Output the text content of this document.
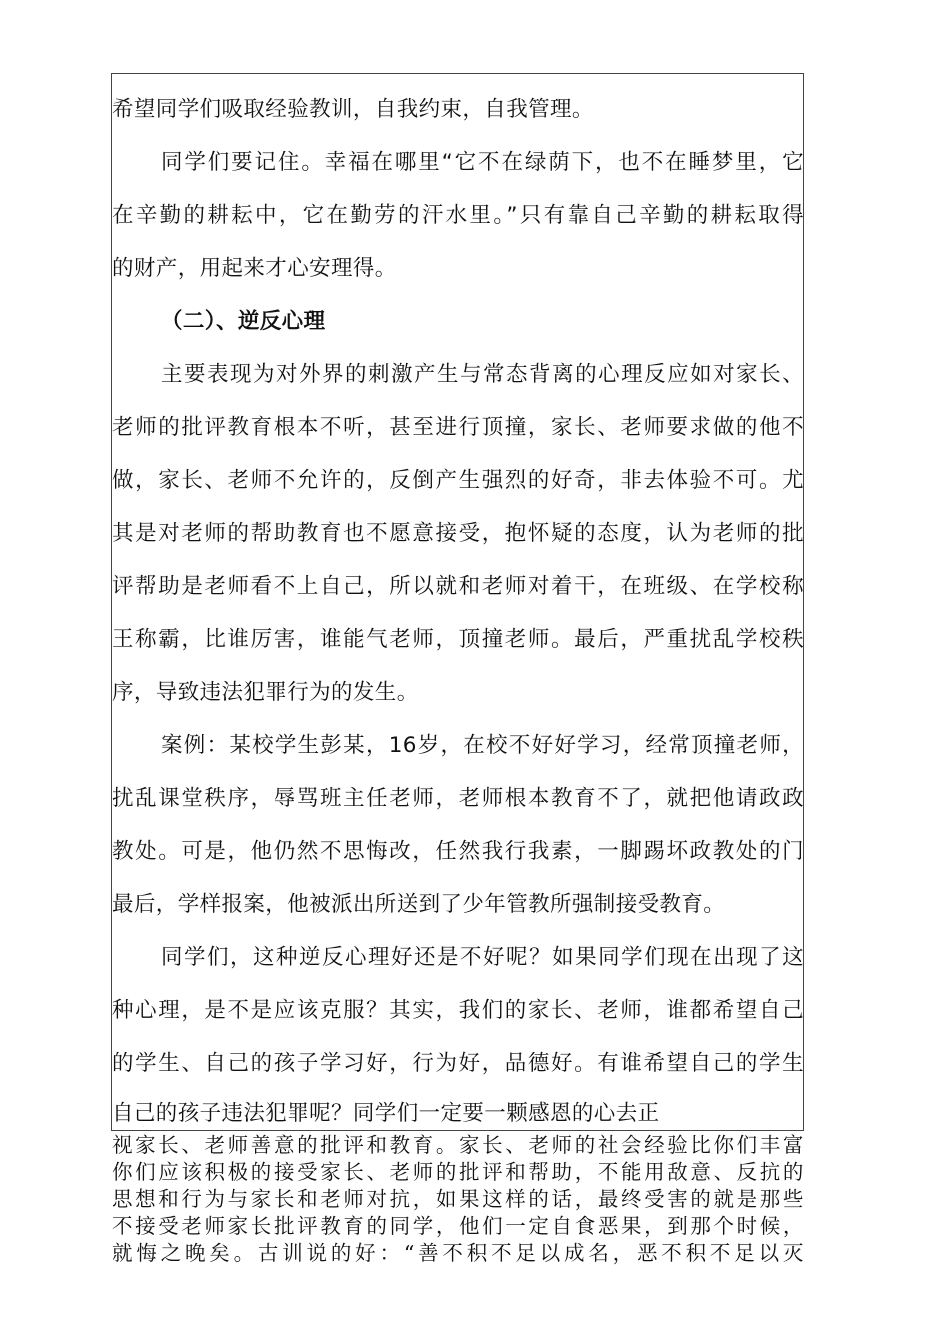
希望同学们吸取经验教训，自我约束，自我管理。
同学们要记住。幸福在哪里“它不在绿荫下，也不在睡梦里，它
在辛勤的耕耘中，它在勤劳的汗水里。”只有靠自己辛勤的耕耘取得
的财产，用起来才心安理得。
（二）、逆反心理
主要表现为对外界的刺激产生与常态背离的心理反应如对家长、
老师的批评教育根本不听，甚至进行顶撞，家长、老师要求做的他不
做，家长、老师不允许的，反倒产生强烈的好奇，非去体验不可。尤
其是对老师的帮助教育也不愿意接受，抱怀疑的态度，认为老师的批
评帮助是老师看不上自己，所以就和老师对着干，在班级、在学校称
王称霸，比谁厉害，谁能气老师，顶撞老师。最后，严重扰乱学校秩
序，导致违法犯罪行为的发生。
案例：某校学生彭某，16岁，在校不好好学习，经常顶撞老师，
扰乱课堂秩序，辱骂班主任老师，老师根本教育不了，就把他请政政
教处。可是，他仍然不思悔改，任然我行我素，一脚踢坏政教处的门
最后，学样报案，他被派出所送到了少年管教所强制接受教育。
同学们，这种逆反心理好还是不好呢？如果同学们现在出现了这
种心理，是不是应该克服？其实，我们的家长、老师，谁都希望自己
的学生、自己的孩子学习好，行为好，品德好。有谁希望自己的学生
自己的孩子违法犯罪呢？同学们一定要一颗感恩的心去正
视家长、老师善意的批评和教育。家长、老师的社会经验比你们丰富
你们应该积极的接受家长、老师的批评和帮助，不能用敌意、反抗的
思想和行为与家长和老师对抗，如果这样的话，最终受害的就是那些
不接受老师家长批评教育的同学，他们一定自食恶果，到那个时候，
就悔之晚矣。古训说的好：“善不积不足以成名，恶不积不足以灭
